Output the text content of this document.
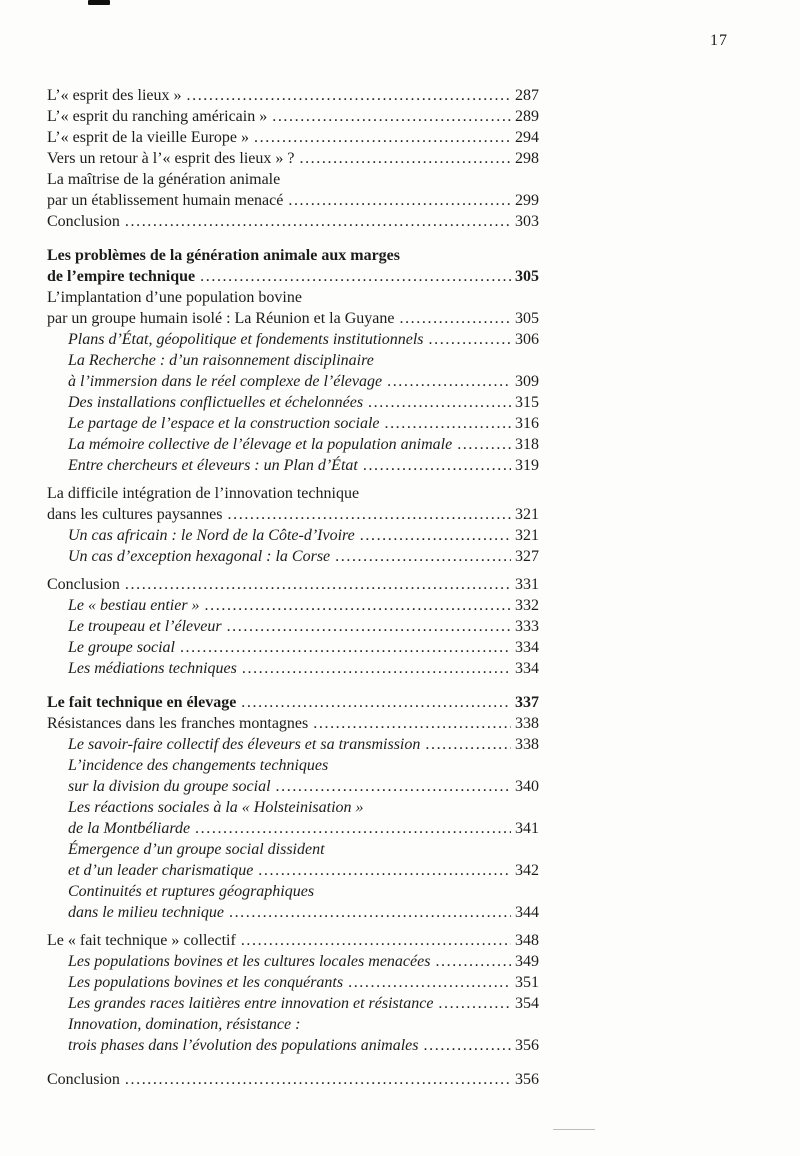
17
L’« esprit des lieux » .....	287
L’« esprit du ranching américain » .....	289
L’« esprit de la vieille Europe » .....	294
Vers un retour à l’« esprit des lieux » ? .....	298
La maîtrise de la génération animale
par un établissement humain menacé .....	299
Conclusion .....	303
Les problèmes de la génération animale aux marges
de l’empire technique .....	305
L’implantation d’une population bovine
par un groupe humain isolé : La Réunion et la Guyane .....	305
Plans d’État, géopolitique et fondements institutionnels .....	306
La Recherche : d’un raisonnement disciplinaire
à l’immersion dans le réel complexe de l’élevage .....	309
Des installations conflictuelles et échelonnées .....	315
Le partage de l’espace et la construction sociale .....	316
La mémoire collective de l’élevage et la population animale .....	318
Entre chercheurs et éleveurs : un Plan d’État .....	319
La difficile intégration de l’innovation technique
dans les cultures paysannes .....	321
Un cas africain : le Nord de la Côte-d’Ivoire .....	321
Un cas d’exception hexagonal : la Corse .....	327
Conclusion .....	331
Le « bestiau entier » .....	332
Le troupeau et l’éleveur .....	333
Le groupe social .....	334
Les médiations techniques .....	334
Le fait technique en élevage .....	337
Résistances dans les franches montagnes .....	338
Le savoir-faire collectif des éleveurs et sa transmission .....	338
L’incidence des changements techniques
sur la division du groupe social .....	340
Les réactions sociales à la « Holsteinisation »
de la Montbéliarde .....	341
Émergence d’un groupe social dissident
et d’un leader charismatique .....	342
Continuités et ruptures géographiques
dans le milieu technique .....	344
Le « fait technique » collectif .....	348
Les populations bovines et les cultures locales menacées .....	349
Les populations bovines et les conquérants .....	351
Les grandes races laitières entre innovation et résistance .....	354
Innovation, domination, résistance :
trois phases dans l’évolution des populations animales .....	356
Conclusion .....	356
